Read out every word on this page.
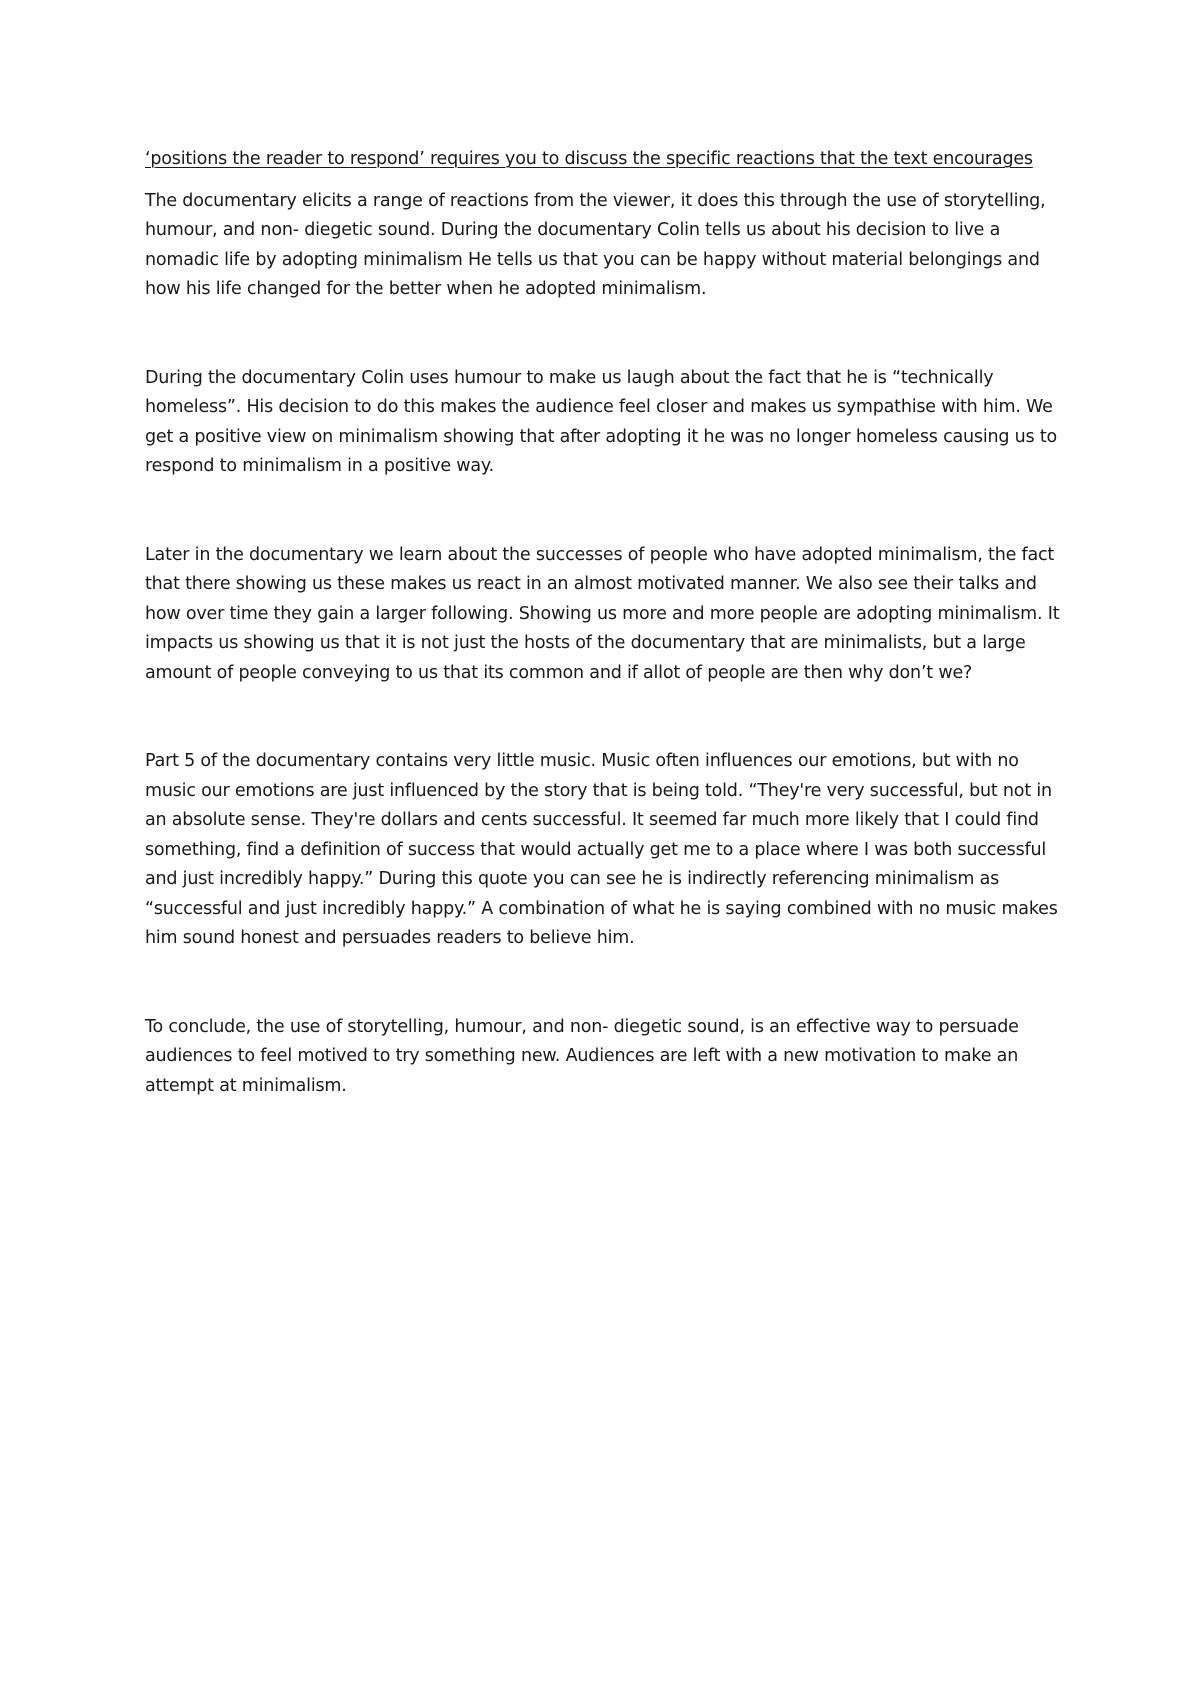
‘positions the reader to respond’ requires you to discuss the specific reactions that the text encourages

The documentary elicits a range of reactions from the viewer, it does this through the use of storytelling, humour, and non- diegetic sound. During the documentary Colin tells us about his decision to live a nomadic life by adopting minimalism He tells us that you can be happy without material belongings and how his life changed for the better when he adopted minimalism.

During the documentary Colin uses humour to make us laugh about the fact that he is “technically homeless”. His decision to do this makes the audience feel closer and makes us sympathise with him. We get a positive view on minimalism showing that after adopting it he was no longer homeless causing us to respond to minimalism in a positive way.

Later in the documentary we learn about the successes of people who have adopted minimalism, the fact that there showing us these makes us react in an almost motivated manner. We also see their talks and how over time they gain a larger following. Showing us more and more people are adopting minimalism. It impacts us showing us that it is not just the hosts of the documentary that are minimalists, but a large amount of people conveying to us that its common and if allot of people are then why don’t we?

Part 5 of the documentary contains very little music. Music often influences our emotions, but with no music our emotions are just influenced by the story that is being told. “They're very successful, but not in an absolute sense. They're dollars and cents successful. It seemed far much more likely that I could find something, find a definition of success that would actually get me to a place where I was both successful and just incredibly happy.” During this quote you can see he is indirectly referencing minimalism as “successful and just incredibly happy.” A combination of what he is saying combined with no music makes him sound honest and persuades readers to believe him.

To conclude, the use of storytelling, humour, and non- diegetic sound, is an effective way to persuade audiences to feel motived to try something new. Audiences are left with a new motivation to make an attempt at minimalism.
